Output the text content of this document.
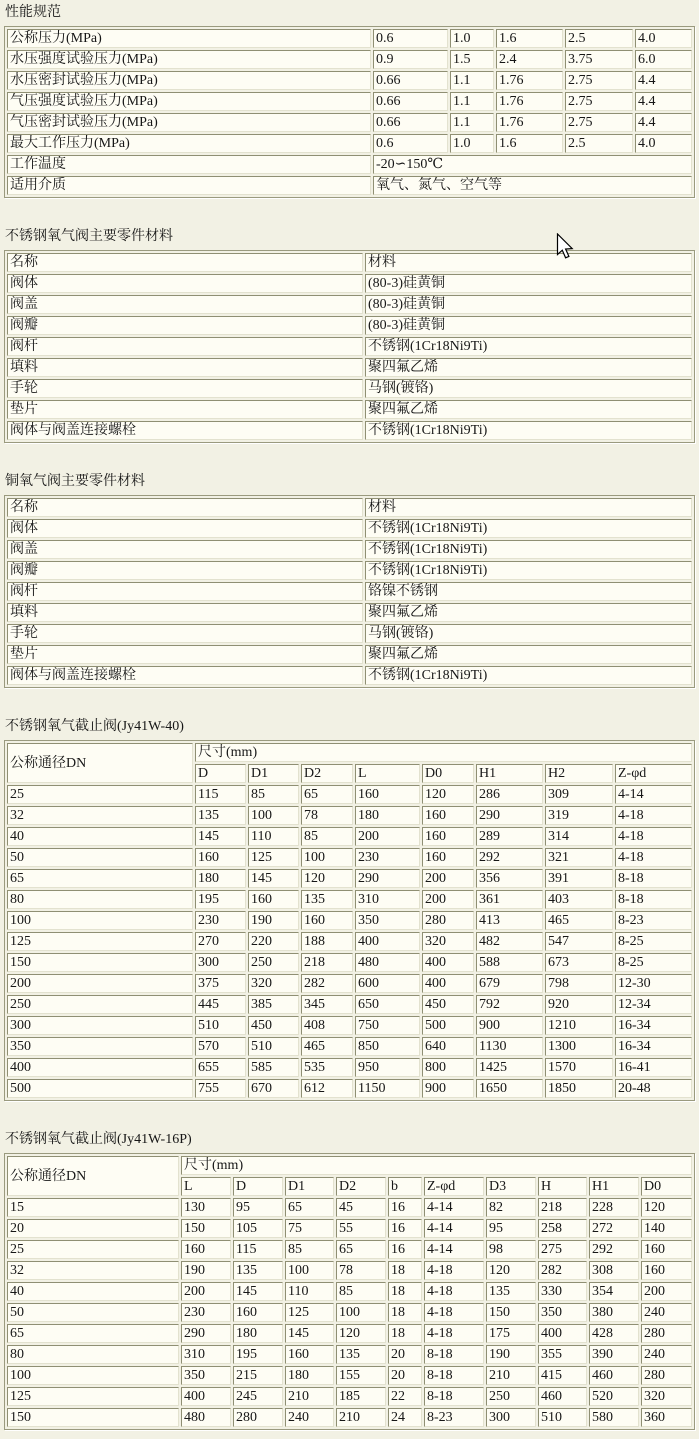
性能规范
公称压力(MPa)	0.6	1.0	1.6	2.5	4.0
水压强度试验压力(MPa)	0.9	1.5	2.4	3.75	6.0
水压密封试验压力(MPa)	0.66	1.1	1.76	2.75	4.4
气压强度试验压力(MPa)	0.66	1.1	1.76	2.75	4.4
气压密封试验压力(MPa)	0.66	1.1	1.76	2.75	4.4
最大工作压力(MPa)	0.6	1.0	1.6	2.5	4.0
工作温度	-20∽150℃				
适用介质	氧气、氮气、空气等				
不锈钢氧气阀主要零件材料
名称	材料
阀体	(80-3)硅黄铜
阀盖	(80-3)硅黄铜
阀瓣	(80-3)硅黄铜
阀杆	不锈钢(1Cr18Ni9Ti)
填料	聚四氟乙烯
手轮	马钢(镀铬)
垫片	聚四氟乙烯
阀体与阀盖连接螺栓	不锈钢(1Cr18Ni9Ti)
铜氧气阀主要零件材料
名称	材料
阀体	不锈钢(1Cr18Ni9Ti)
阀盖	不锈钢(1Cr18Ni9Ti)
阀瓣	不锈钢(1Cr18Ni9Ti)
阀杆	铬镍不锈钢
填料	聚四氟乙烯
手轮	马钢(镀铬)
垫片	聚四氟乙烯
阀体与阀盖连接螺栓	不锈钢(1Cr18Ni9Ti)
不锈钢氧气截止阀(Jy41W-40)
公称通径DN	尺寸(mm)							
	D	D1	D2	L	D0	H1	H2	Z-φd
25	115	85	65	160	120	286	309	4-14
32	135	100	78	180	160	290	319	4-18
40	145	110	85	200	160	289	314	4-18
50	160	125	100	230	160	292	321	4-18
65	180	145	120	290	200	356	391	8-18
80	195	160	135	310	200	361	403	8-18
100	230	190	160	350	280	413	465	8-23
125	270	220	188	400	320	482	547	8-25
150	300	250	218	480	400	588	673	8-25
200	375	320	282	600	400	679	798	12-30
250	445	385	345	650	450	792	920	12-34
300	510	450	408	750	500	900	1210	16-34
350	570	510	465	850	640	1130	1300	16-34
400	655	585	535	950	800	1425	1570	16-41
500	755	670	612	1150	900	1650	1850	20-48
不锈钢氧气截止阀(Jy41W-16P)
公称通径DN	尺寸(mm)									
	L	D	D1	D2	b	Z-φd	D3	H	H1	D0
15	130	95	65	45	16	4-14	82	218	228	120
20	150	105	75	55	16	4-14	95	258	272	140
25	160	115	85	65	16	4-14	98	275	292	160
32	190	135	100	78	18	4-18	120	282	308	160
40	200	145	110	85	18	4-18	135	330	354	200
50	230	160	125	100	18	4-18	150	350	380	240
65	290	180	145	120	18	4-18	175	400	428	280
80	310	195	160	135	20	8-18	190	355	390	240
100	350	215	180	155	20	8-18	210	415	460	280
125	400	245	210	185	22	8-18	250	460	520	320
150	480	280	240	210	24	8-23	300	510	580	360
